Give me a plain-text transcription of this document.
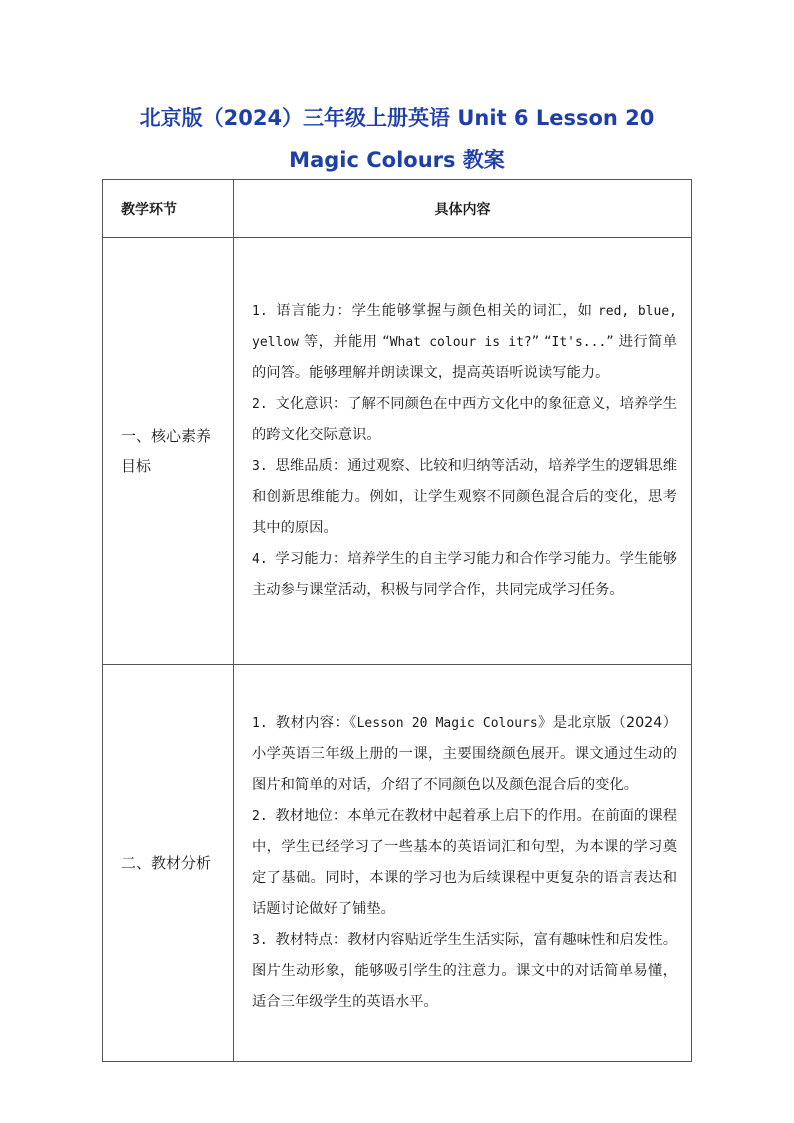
北京版（2024）三年级上册英语 Unit 6 Lesson 20
Magic Colours 教案
教学环节	具体内容
一、核心素养目标	1. 语言能力：学生能够掌握与颜色相关的词汇，如 red, blue, yellow 等，并能用 “What colour is it?” “It's...” 进行简单的问答。能够理解并朗读课文，提高英语听说读写能力。

2. 文化意识：了解不同颜色在中西方文化中的象征意义，培养学生的跨文化交际意识。

3. 思维品质：通过观察、比较和归纳等活动，培养学生的逻辑思维和创新思维能力。例如，让学生观察不同颜色混合后的变化，思考其中的原因。

4. 学习能力：培养学生的自主学习能力和合作学习能力。学生能够主动参与课堂活动，积极与同学合作，共同完成学习任务。

二、教材分析	1. 教材内容：《Lesson 20 Magic Colours》是北京版（2024）小学英语三年级上册的一课，主要围绕颜色展开。课文通过生动的图片和简单的对话，介绍了不同颜色以及颜色混合后的变化。

2. 教材地位：本单元在教材中起着承上启下的作用。在前面的课程中，学生已经学习了一些基本的英语词汇和句型，为本课的学习奠定了基础。同时，本课的学习也为后续课程中更复杂的语言表达和话题讨论做好了铺垫。

3. 教材特点：教材内容贴近学生生活实际，富有趣味性和启发性。图片生动形象，能够吸引学生的注意力。课文中的对话简单易懂，适合三年级学生的英语水平。
